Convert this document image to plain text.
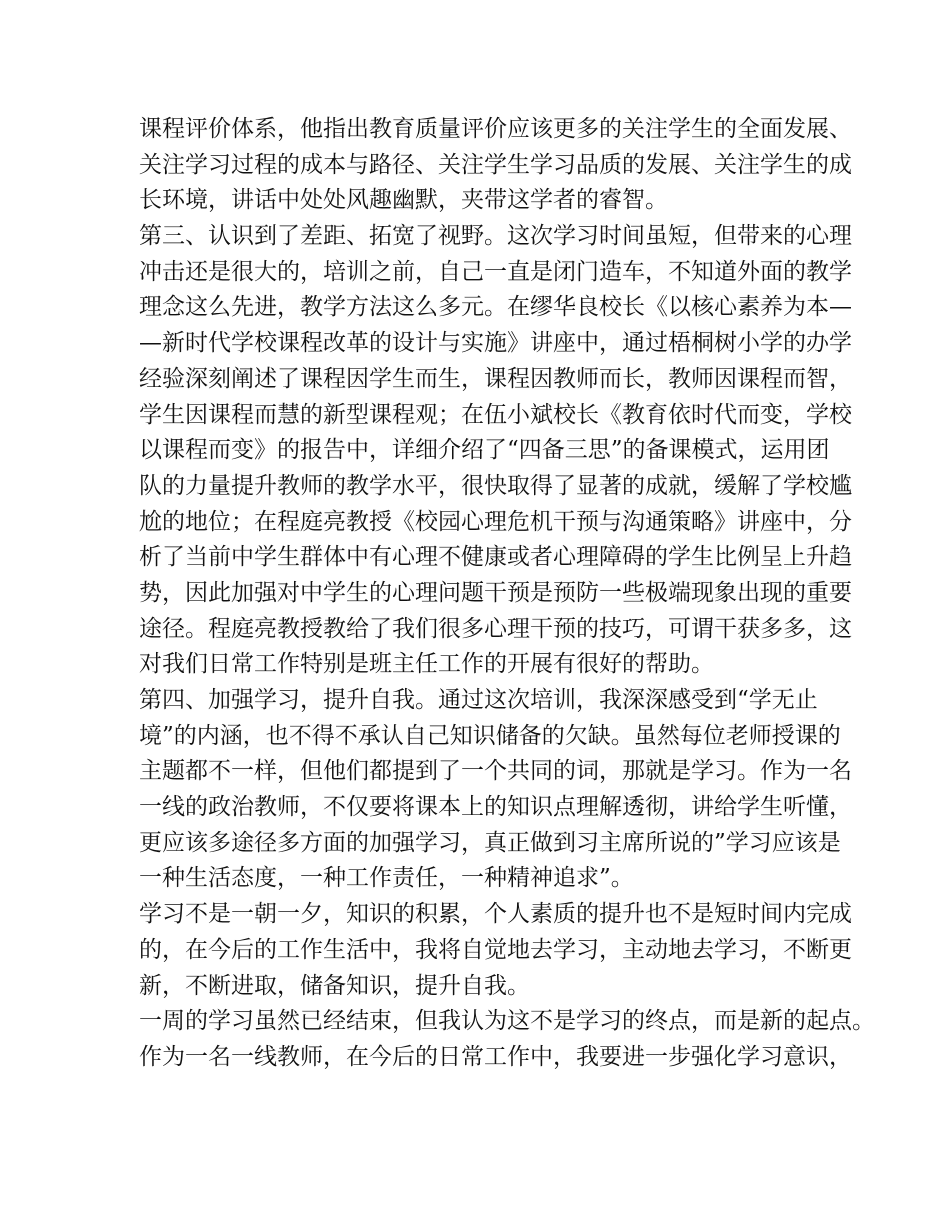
课程评价体系，他指出教育质量评价应该更多的关注学生的全面发展、
关注学习过程的成本与路径、关注学生学习品质的发展、关注学生的成
长环境，讲话中处处风趣幽默，夹带这学者的睿智。
第三、认识到了差距、拓宽了视野。这次学习时间虽短，但带来的心理
冲击还是很大的，培训之前，自己一直是闭门造车，不知道外面的教学
理念这么先进，教学方法这么多元。在缪华良校长《以核心素养为本—
—新时代学校课程改革的设计与实施》讲座中，通过梧桐树小学的办学
经验深刻阐述了课程因学生而生，课程因教师而长，教师因课程而智，
学生因课程而慧的新型课程观；在伍小斌校长《教育依时代而变，学校
以课程而变》的报告中，详细介绍了“四备三思”的备课模式，运用团
队的力量提升教师的教学水平，很快取得了显著的成就，缓解了学校尴
尬的地位；在程庭亮教授《校园心理危机干预与沟通策略》讲座中，分
析了当前中学生群体中有心理不健康或者心理障碍的学生比例呈上升趋
势，因此加强对中学生的心理问题干预是预防一些极端现象出现的重要
途径。程庭亮教授教给了我们很多心理干预的技巧，可谓干获多多，这
对我们日常工作特别是班主任工作的开展有很好的帮助。
第四、加强学习，提升自我。通过这次培训，我深深感受到“学无止
境”的内涵，也不得不承认自己知识储备的欠缺。虽然每位老师授课的
主题都不一样，但他们都提到了一个共同的词，那就是学习。作为一名
一线的政治教师，不仅要将课本上的知识点理解透彻，讲给学生听懂，
更应该多途径多方面的加强学习，真正做到习主席所说的”学习应该是
一种生活态度，一种工作责任，一种精神追求”。
学习不是一朝一夕，知识的积累，个人素质的提升也不是短时间内完成
的，在今后的工作生活中，我将自觉地去学习，主动地去学习，不断更
新，不断进取，储备知识，提升自我。
一周的学习虽然已经结束，但我认为这不是学习的终点，而是新的起点。
作为一名一线教师，在今后的日常工作中，我要进一步强化学习意识，
